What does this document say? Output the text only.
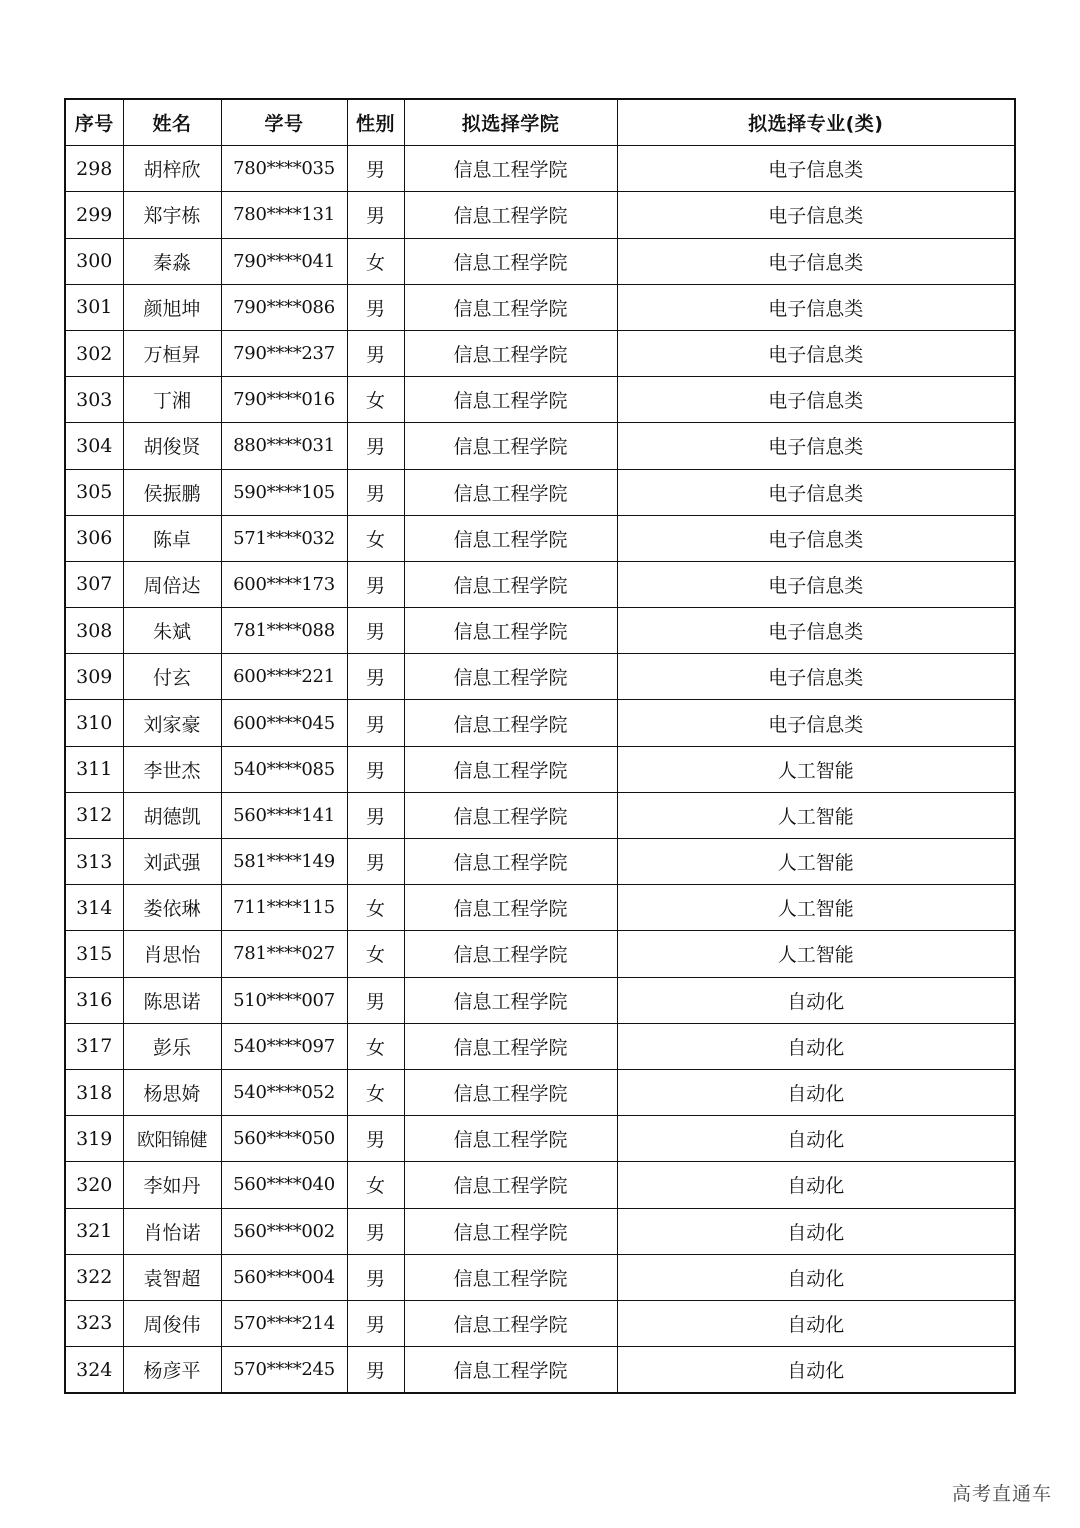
序号	姓名	学号	性别	拟选择学院	拟选择专业(类)
298	胡梓欣	780****035	男	信息工程学院	电子信息类
299	郑宇栋	780****131	男	信息工程学院	电子信息类
300	秦淼	790****041	女	信息工程学院	电子信息类
301	颜旭坤	790****086	男	信息工程学院	电子信息类
302	万桓昇	790****237	男	信息工程学院	电子信息类
303	丁湘	790****016	女	信息工程学院	电子信息类
304	胡俊贤	880****031	男	信息工程学院	电子信息类
305	侯振鹏	590****105	男	信息工程学院	电子信息类
306	陈卓	571****032	女	信息工程学院	电子信息类
307	周倍达	600****173	男	信息工程学院	电子信息类
308	朱斌	781****088	男	信息工程学院	电子信息类
309	付玄	600****221	男	信息工程学院	电子信息类
310	刘家豪	600****045	男	信息工程学院	电子信息类
311	李世杰	540****085	男	信息工程学院	人工智能
312	胡德凯	560****141	男	信息工程学院	人工智能
313	刘武强	581****149	男	信息工程学院	人工智能
314	娄依琳	711****115	女	信息工程学院	人工智能
315	肖思怡	781****027	女	信息工程学院	人工智能
316	陈思诺	510****007	男	信息工程学院	自动化
317	彭乐	540****097	女	信息工程学院	自动化
318	杨思婍	540****052	女	信息工程学院	自动化
319	欧阳锦健	560****050	男	信息工程学院	自动化
320	李如丹	560****040	女	信息工程学院	自动化
321	肖怡诺	560****002	男	信息工程学院	自动化
322	袁智超	560****004	男	信息工程学院	自动化
323	周俊伟	570****214	男	信息工程学院	自动化
324	杨彦平	570****245	男	信息工程学院	自动化
高考直通车
